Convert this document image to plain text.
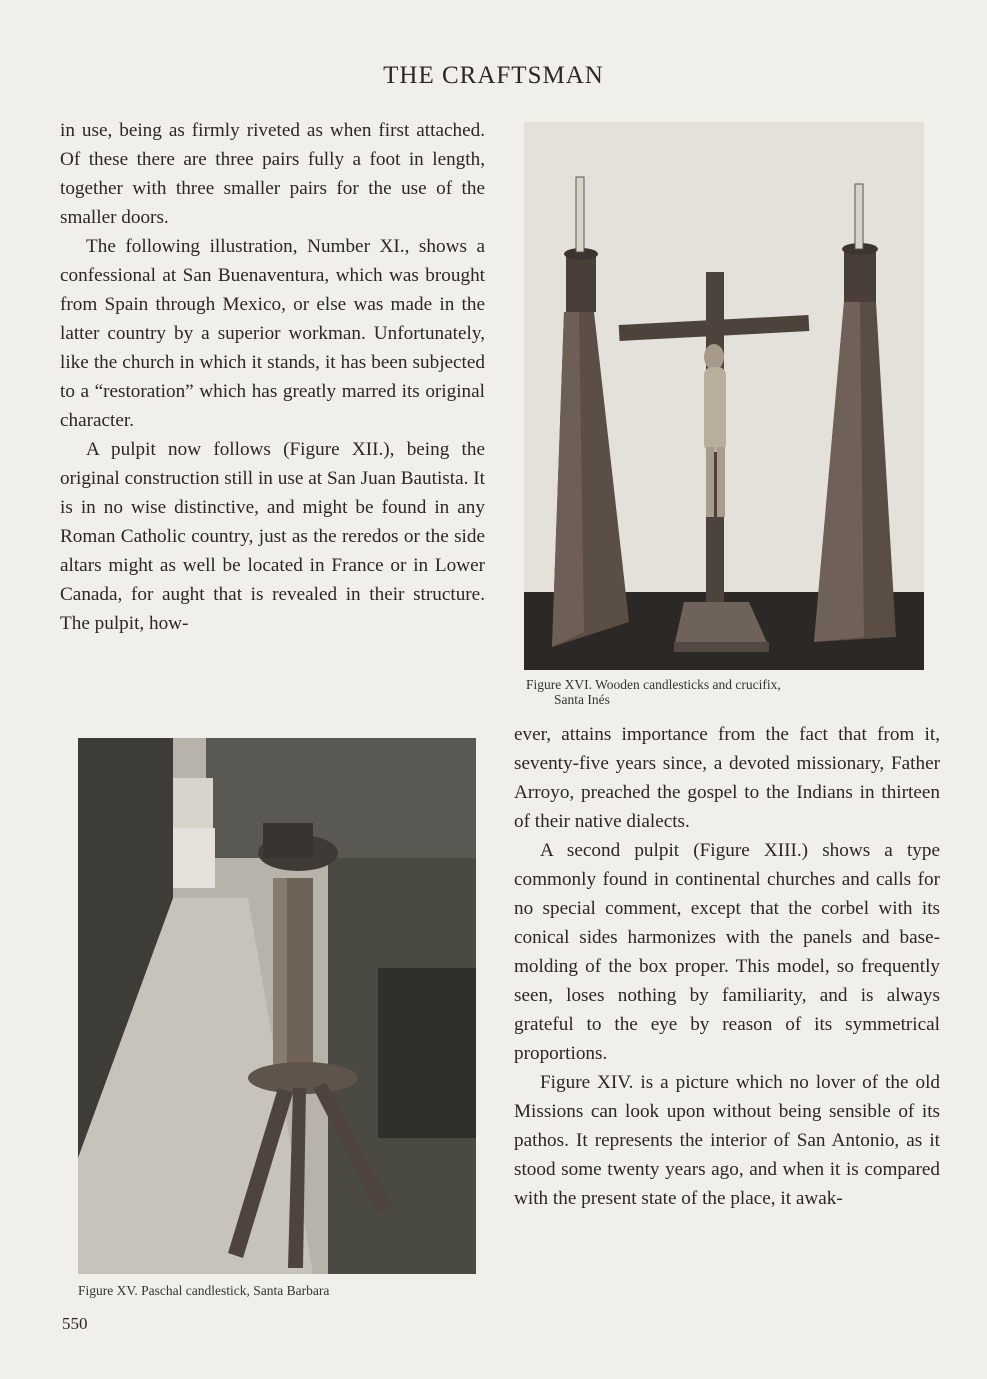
THE CRAFTSMAN

in use, being as firmly riveted as when first attached. Of these there are three pairs fully a foot in length, together with three smaller pairs for the use of the smaller doors.

The following illustration, Number XI., shows a confessional at San Buenaventura, which was brought from Spain through Mexico, or else was made in the latter country by a superior workman. Unfortunately, like the church in which it stands, it has been subjected to a “restoration” which has greatly marred its original character.

A pulpit now follows (Figure XII.), being the original construction still in use at San Juan Bautista. It is in no wise distinctive, and might be found in any Roman Catholic country, just as the reredos or the side altars might as well be located in France or in Lower Canada, for aught that is revealed in their structure. The pulpit, how-

Figure XVI. Wooden candlesticks and crucifix,
Santa Inés
Figure XV. Paschal candlestick, Santa Barbara

ever, attains importance from the fact that from it, seventy-five years since, a devoted missionary, Father Arroyo, preached the gospel to the Indians in thirteen of their native dialects.

A second pulpit (Figure XIII.) shows a type commonly found in continental churches and calls for no special comment, except that the corbel with its conical sides harmonizes with the panels and base-molding of the box proper. This model, so frequently seen, loses nothing by familiarity, and is always grateful to the eye by reason of its symmetrical proportions.

Figure XIV. is a picture which no lover of the old Missions can look upon without being sensible of its pathos. It represents the interior of San Antonio, as it stood some twenty years ago, and when it is compared with the present state of the place, it awak-

550
